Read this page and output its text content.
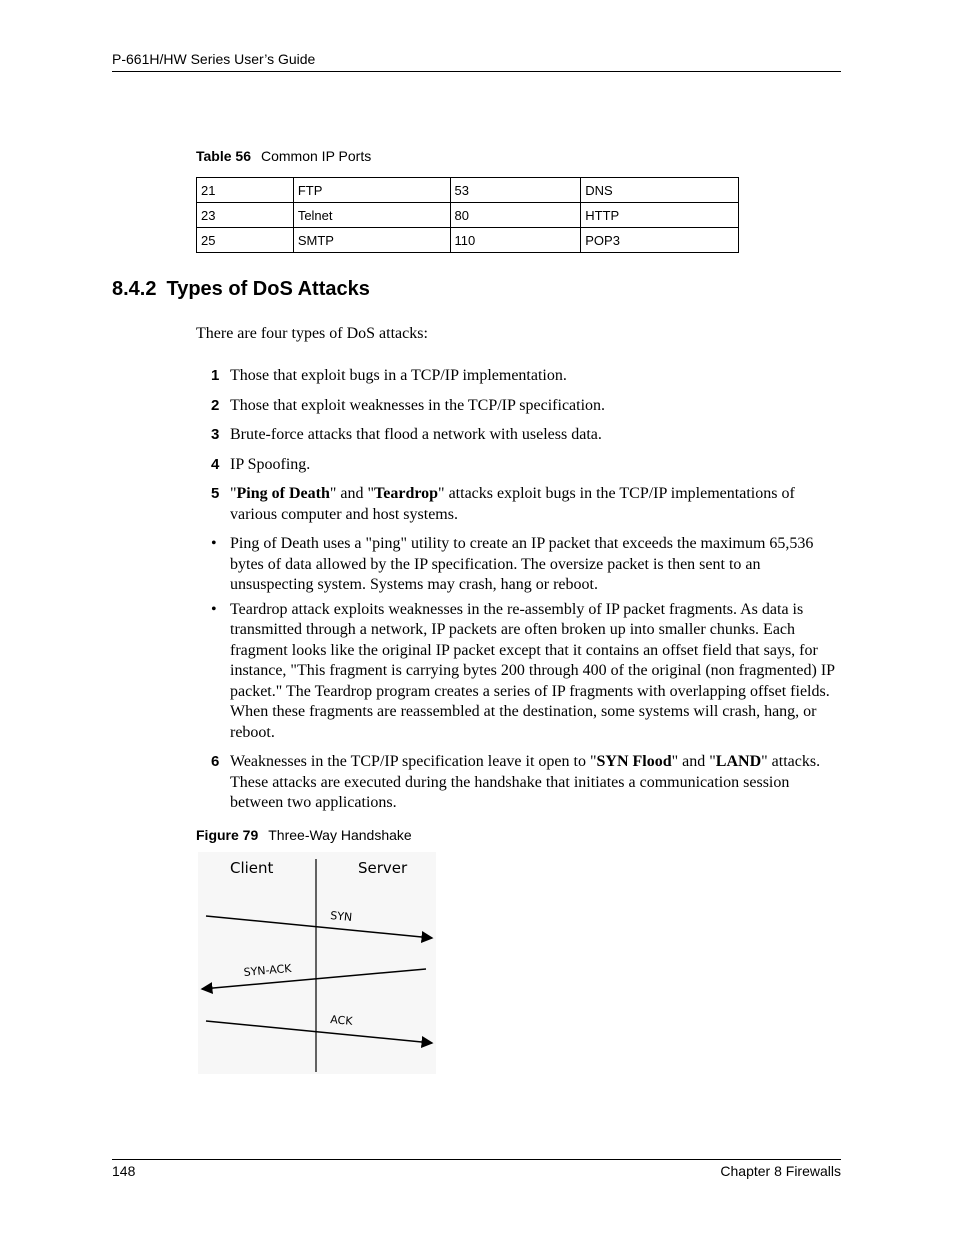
P-661H/HW Series User’s Guide
Table 56 Common IP Ports
21	FTP	53	DNS
23	Telnet	80	HTTP
25	SMTP	110	POP3
8.4.2 Types of DoS Attacks
There are four types of DoS attacks:
1 Those that exploit bugs in a TCP/IP implementation.
2 Those that exploit weaknesses in the TCP/IP specification.
3 Brute-force attacks that flood a network with useless data.
4 IP Spoofing.
5 "Ping of Death" and "Teardrop" attacks exploit bugs in the TCP/IP implementations of various computer and host systems.
• Ping of Death uses a "ping" utility to create an IP packet that exceeds the maximum 65,536 bytes of data allowed by the IP specification. The oversize packet is then sent to an unsuspecting system. Systems may crash, hang or reboot.
• Teardrop attack exploits weaknesses in the re-assembly of IP packet fragments. As data is transmitted through a network, IP packets are often broken up into smaller chunks. Each fragment looks like the original IP packet except that it contains an offset field that says, for instance, "This fragment is carrying bytes 200 through 400 of the original (non fragmented) IP packet." The Teardrop program creates a series of IP fragments with overlapping offset fields. When these fragments are reassembled at the destination, some systems will crash, hang, or reboot.
6 Weaknesses in the TCP/IP specification leave it open to "SYN Flood" and "LAND" attacks. These attacks are executed during the handshake that initiates a communication session between two applications.
Figure 79 Three-Way Handshake
Client	Server
SYN
SYN-ACK
ACK
148	Chapter 8 Firewalls
